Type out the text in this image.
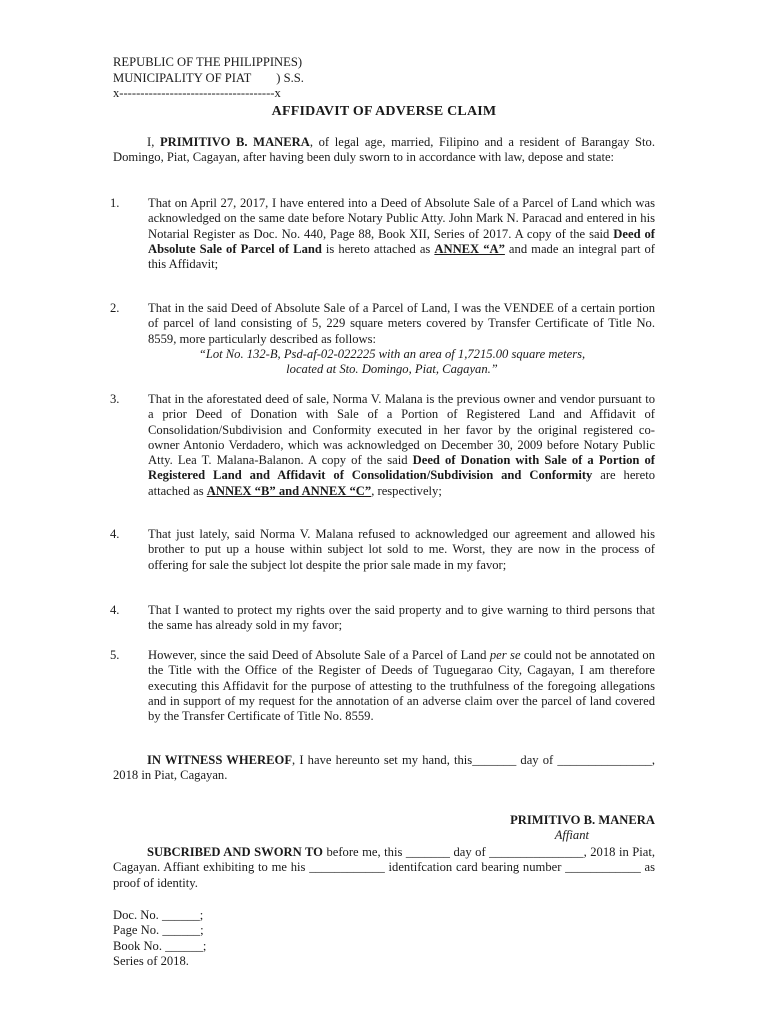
REPUBLIC OF THE PHILIPPINES)
MUNICIPALITY OF PIAT        ) S.S.
x-------------------------------------x
AFFIDAVIT OF ADVERSE CLAIM
I, PRIMITIVO B. MANERA, of legal age, married, Filipino and a resident of Barangay Sto. Domingo, Piat, Cagayan, after having been duly sworn to in accordance with law, depose and state:
1. That on April 27, 2017, I have entered into a Deed of Absolute Sale of a Parcel of Land which was acknowledged on the same date before Notary Public Atty. John Mark N. Paracad and entered in his Notarial Register as Doc. No. 440, Page 88, Book XII, Series of 2017. A copy of the said Deed of Absolute Sale of Parcel of Land is hereto attached as ANNEX “A” and made an integral part of this Affidavit;
2. That in the said Deed of Absolute Sale of a Parcel of Land, I was the VENDEE of a certain portion of parcel of land consisting of 5, 229 square meters covered by Transfer Certificate of Title No. 8559, more particularly described as follows:
“Lot No. 132-B, Psd-af-02-022225 with an area of 1,7215.00 square meters,
located at Sto. Domingo, Piat, Cagayan.”
3. That in the aforestated deed of sale, Norma V. Malana is the previous owner and vendor pursuant to a prior Deed of Donation with Sale of a Portion of Registered Land and Affidavit of Consolidation/Subdivision and Conformity executed in her favor by the original registered co-owner Antonio Verdadero, which was acknowledged on December 30, 2009 before Notary Public Atty. Lea T. Malana-Balanon. A copy of the said Deed of Donation with Sale of a Portion of Registered Land and Affidavit of Consolidation/Subdivision and Conformity are hereto attached as ANNEX “B” and ANNEX “C”, respectively;
4. That just lately, said Norma V. Malana refused to acknowledged our agreement and allowed his brother to put up a house within subject lot sold to me. Worst, they are now in the process of offering for sale the subject lot despite the prior sale made in my favor;
4. That I wanted to protect my rights over the said property and to give warning to third persons that the same has already sold in my favor;
5. However, since the said Deed of Absolute Sale of a Parcel of Land per se could not be annotated on the Title with the Office of the Register of Deeds of Tuguegarao City, Cagayan, I am therefore executing this Affidavit for the purpose of attesting to the truthfulness of the foregoing allegations and in support of my request for the annotation of an adverse claim over the parcel of land covered by the Transfer Certificate of Title No. 8559.
IN WITNESS WHEREOF, I have hereunto set my hand, this_______ day of _______________, 2018 in Piat, Cagayan.
PRIMITIVO B. MANERA
Affiant
SUBCRIBED AND SWORN TO before me, this _______ day of _______________, 2018 in Piat, Cagayan. Affiant exhibiting to me his ____________ identifcation card bearing number ____________ as proof of identity.
Doc. No. ______;
Page No. ______;
Book No. ______;
Series of 2018.
